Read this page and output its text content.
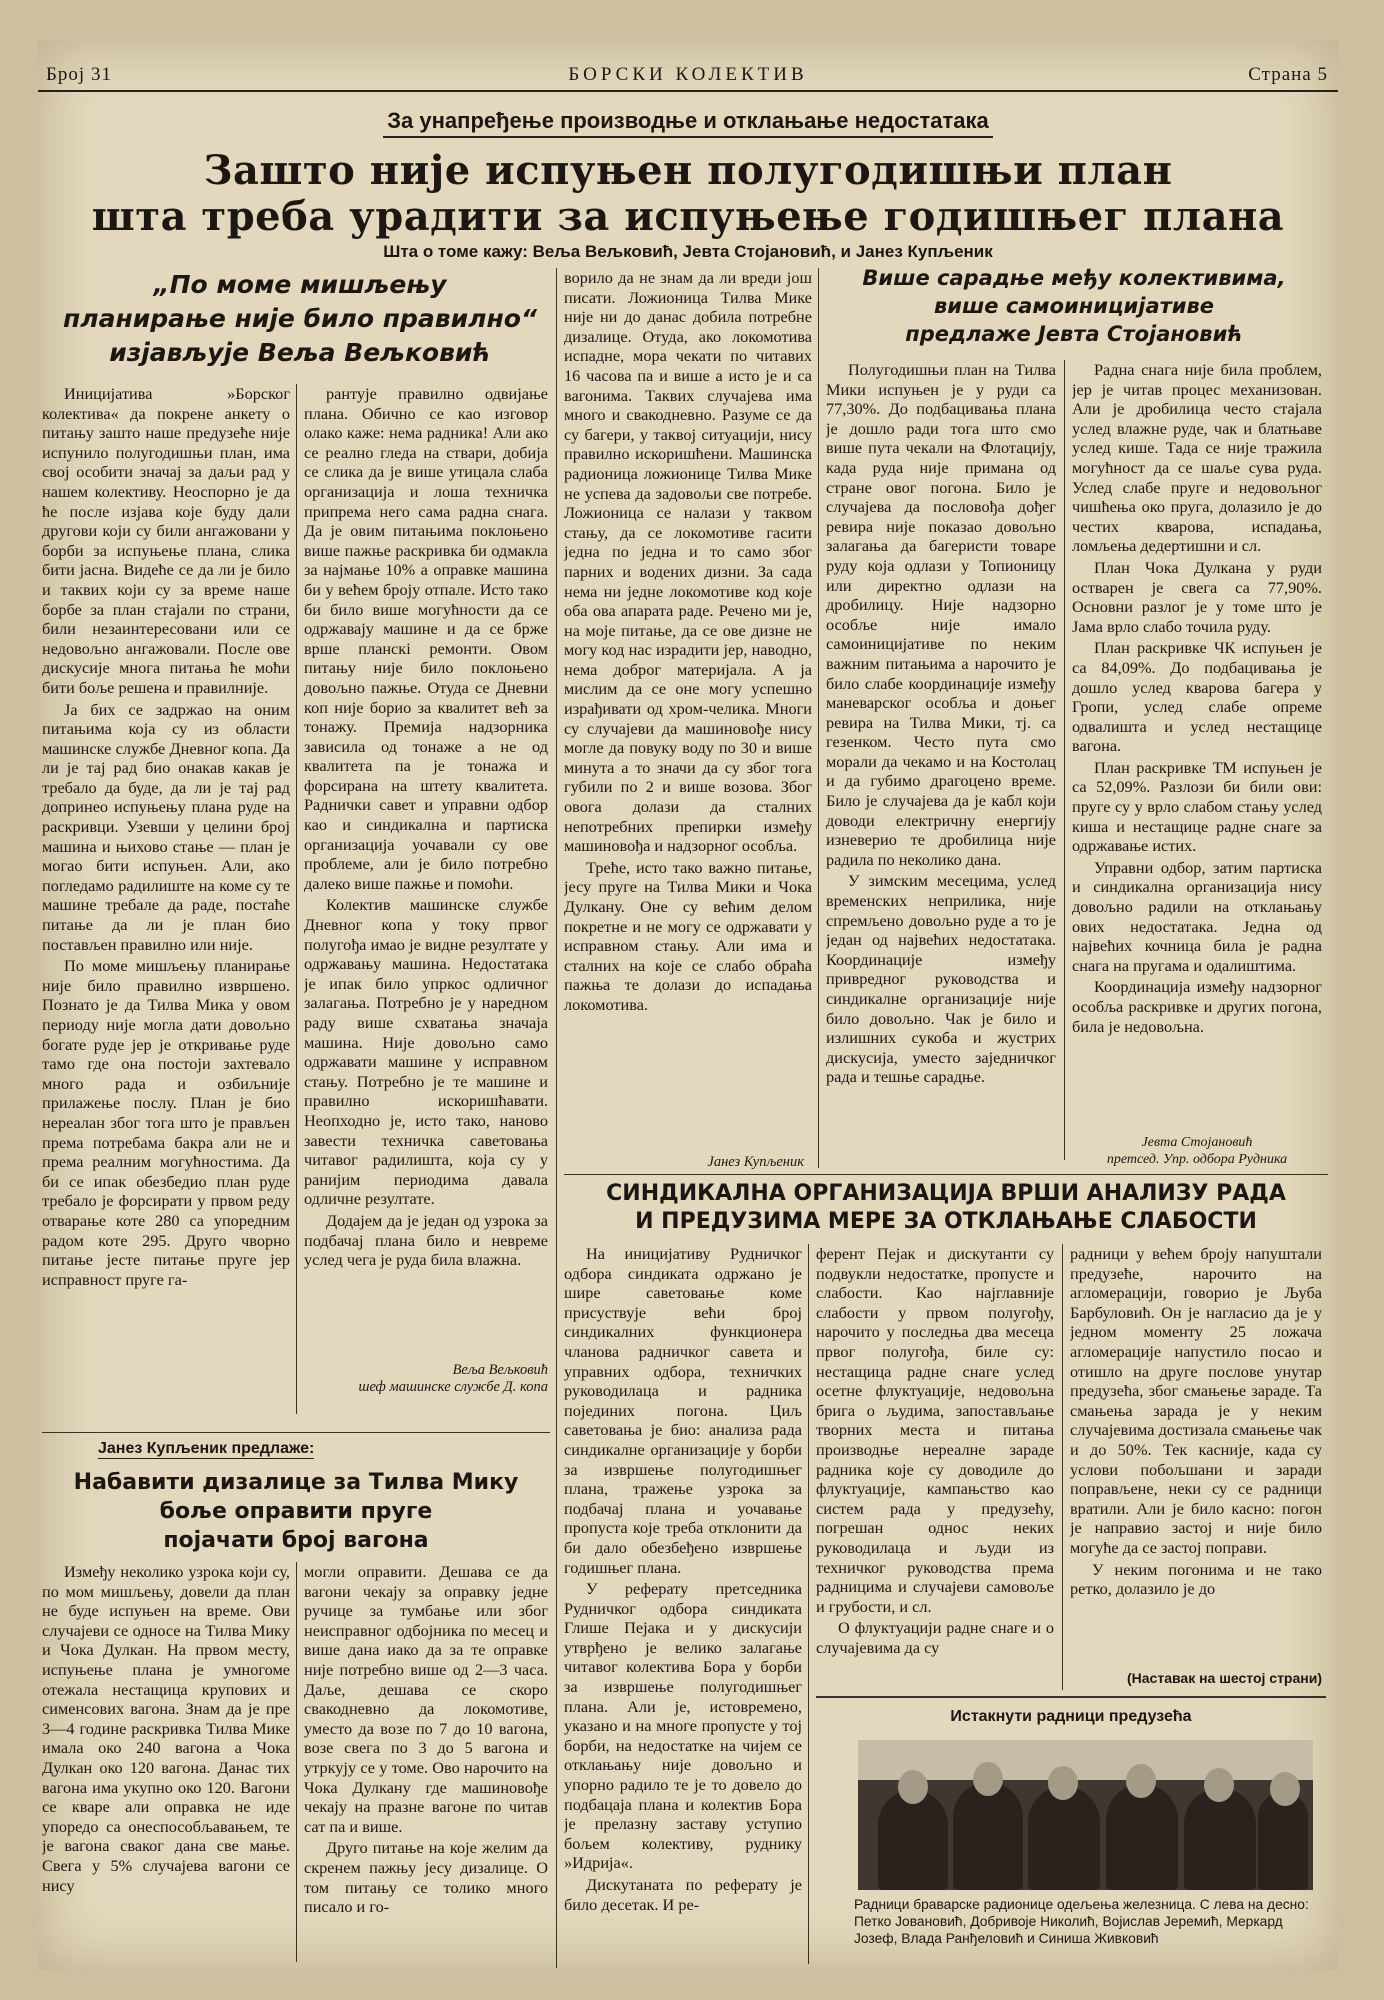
Број 31	БОРСКИ КОЛЕКТИВ	Страна 5
За унапређење производње и отклањање недостатака
Зашто није испуњен полугодишњи план
шта треба урадити за испуњење годишњег плана
Шта о томе кажу: Веља Вељковић, Јевта Стојановић, и Јанез Купљеник
„По моме мишљењу
планирање није било правилно“
изјављује Веља Вељковић

Иницијатива »Борског колектива« да покрене анкету о питању зашто наше предузеће није испунило полугодишњи план, има свој особити значај за даљи рад у нашем колективу. Неоспорно је да ће после изјава које буду дали другови који су били ангажовани у борби за испуњење плана, слика бити јасна. Видеће се да ли је било и таквих који су за време наше борбе за план стајали по страни, били незаинтересовани или се недовољно ангажовали. После ове дискусије многа питања ће моћи бити боље решена и правилније.

Ја бих се задржао на оним питањима која су из области машинске службе Дневног копа. Да ли је тај рад био онакав какав је требало да буде, да ли је тај рад допринео испуњењу плана руде на раскривци. Узевши у целини број машина и њихово стање — план је могао бити испуњен. Али, ако погледамо радилиште на коме су те машине требале да раде, постаће питање да ли је план био постављен правилно или није.

По моме мишљењу планирање није било правилно извршено. Познато је да Тилва Мика у овом периоду није могла дати довољно богате руде јер је откривање руде тамо где она постоји захтевало много рада и озбиљније прилажење послу. План је био нереалан због тога што је прављен према потребама бакра али не и према реалним могућностима. Да би се ипак обезбедио план руде требало је форсирати у првом реду отварање коте 280 са упоредним радом коте 295. Друго чворно питање јесте питање пруге јер исправност пруге га-

рантује правилно одвијање плана. Обично се као изговор олако каже: нема радника! Али ако се реално гледа на ствари, добија се слика да је више утицала слаба организација и лошa техничка припрема него сама радна снага. Да је овим питањима поклоњено више пажње раскривка би одмакла за најмање 10% а оправке машина би у већем броју отпале. Исто тако би било више могућности да се одржавају машине и да се брже врше планскi ремонти. Овом питању није било поклоњено довољно пажње. Отуда се Дневни коп није борио за квалитет већ за тонажу. Премија надзорника зависила од тонаже а не од квалитета па је тонажа и форсирана на штету квалитета. Раднички савет и управни одбор као и синдикална и партиска организација уочавали су ове проблеме, али је било потребно далеко више пажње и помоћи.

Колектив машинске службе Дневног копа у току првог полугођа имао је видне резултате у одржавању машина. Недостатака је ипак било упркос одличног залагања. Потребно је у наредном раду више схватања значаја машина. Није довољно само одржавати машине у исправном стању. Потребно је те машине и правилно искоришћавати. Неопходно је, исто тако, наново завести техничка саветовања читавог радилишта, која су у ранијим периодима давала одличне резултате.

Додајем да је један од узрока за подбачај плана било и невреме услед чега је руда била влажна.

Веља Вељковић
шеф машинске службе Д. копа

ворило да не знам да ли вреди још писати. Ложионица Тилва Мике није ни до данас добила потребне дизалице. Отуда, ако локомотива испадне, мора чекати по читавих 16 часова па и више а исто је и са вагонима. Таквих случајева има много и свакодневно. Разуме се да су багери, у таквој ситуацији, нису правилно искоришћени. Машинска радионица ложионице Тилва Мике не успева да задовољи све потребе. Ложионица се налази у таквом стању, да се локомотиве гасити једна по једна и то само због парних и водених дизни. За сада нема ни једне локомотиве код које оба ова апарата раде. Речено ми је, на моје питање, да се ове дизне не могу код нас израдити јер, наводно, нема доброг материјала. А ја мислим да се оне могу успешно израђивати од хром-челика. Многи су случајеви да машиновође нису могле да повуку воду по 30 и више минута а то значи да су због тога губили по 2 и више возова. Због овога долази да сталних непотребних препирки између машиновођа и надзорног особља.

Треће, исто тако важно питање, јесу пруге на Тилва Мики и Чока Дулкану. Оне су већим делом покретне и не могу се одржавати у исправном стању. Али има и сталних на које се слабо обраћа пажња те долази до испадања локомотива.

Јанез Купљеник
Више сарадње међу колективима,
више самоиницијативе
предлаже Јевта Стојановић

Полугодишњи план на Тилва Мики испуњен је у руди са 77,30%. До подбацивања плана је дошло ради тога што смо више пута чекали на Флотацију, када руда није примана од стране овог погона. Било је случајева да пословођа дођег ревира није показао довољно залагања да багеристи товаре руду која одлази у Топионицу или директно одлази на дробилицу. Није надзорно особље није имало самоиницијативе по неким важним питањима а нарочито је било слабе координације између маневарског особља и доњег ревира на Тилва Мики, тј. са гезенком. Често пута смо морали да чекамо и на Костолац и да губимо драгоцено време. Било је случајева да је кабл који доводи електричну енергију изневерио те дробилица није радила по неколико дана.

У зимским месецима, услед временских неприлика, није спремљено довољно руде а то је један од највећих недостатака. Координације између привредног руководства и синдикалне организације није било довољно. Чак је било и излишних сукоба и жустрих дискусија, уместо заједничког рада и тешње сарадње.

Радна снага није била проблем, јер је читав процес механизован. Али је дробилица често стајала услед влажне руде, чак и блатњаве услед кише. Тада се није тражила могућност да се шаље сува руда. Услед слабе пруге и недовољног чишћења око пруга, долазило је до честих кварова, испадања, ломљења дедертишни и сл.

План Чока Дулкана у руди остварен је свега са 77,90%. Основни разлог је у томе што је Јама врло слабо точила руду.

План раскривке ЧК испуњен је са 84,09%. До подбацивања је дошло услед кварова багера у Гропи, услед слабе опреме одвалишта и услед нестащице вагона.

План раскривке ТМ испуњен је са 52,09%. Разлози би били ови: пруге су у врло слабом стању услед киша и нестащице радне снаге за одржавање истих.

Управни одбор, затим партиска и синдикална организација нису довољно радили на отклањању ових недостатака. Једна од највећих кочница била је радна снага на пругама и одалиштима.

Координација између надзорног особља раскривке и других погона, била је недовољна.

Јевта Стојановић
претсед. Упр. одбора Рудника
СИНДИКАЛНА ОРГАНИЗАЦИЈА ВРШИ АНАЛИЗУ РАДА
И ПРЕДУЗИМА МЕРЕ ЗА ОТКЛАЊАЊЕ СЛАБОСТИ
Јанез Купљеник предлаже:
Набавити дизалице за Тилва Мику
боље оправити пруге
појачати број вагона

Између неколико узрока који су, по мом мишљењу, довели да план не буде испуњен на време. Ови случајеви се односе на Тилва Мику и Чока Дулкан. На првом месту, испуњење плана је умногоме отежала нестащица крупових и сименсових вагона. Знам да је пре 3—4 године раскривка Тилва Мике имала око 240 вагона а Чока Дулкан око 120 вагона. Данас тих вагона има укупно око 120. Вагони се кваре али оправка не иде упоредо са онеспособљавањем, те је вагона сваког дана све мање. Свега у 5% случајева вагони се нису

могли оправити. Дешава се да вагони чекају за оправку једне ручице за тумбање или због неисправног одбојника по месец и више дана иако да за те оправке није потребно више од 2—3 часа. Даље, дешава се скоро свакодневно да локомотиве, уместо да возе по 7 до 10 вагона, возе свега по 3 до 5 вагона и утркују се у томе. Ово нарочито на Чока Дулкану где машиновође чекају на празне вагоне по читав сат па и више.

Друго питање на које желим да скренем пажњу јесу дизалице. О том питању се толико много писало и го-

На иницијативу Рудничког одбора синдиката одржано је шире саветовање коме присуствује већи број синдикалних функционера чланова радничког савета и управних одбора, техничких руководилаца и радника појединих погона. Циљ саветовања је био: анализа рада синдикалне организације у борби за извршење полугодишњег плана, тражење узрока за подбачај плана и уочавање пропуста које треба отклонити да би дало обезбеђено извршење годишњег плана.

У реферату претседника Рудничког одбора синдиката Глише Пејака и у дискусији утврђено је велико залагање читавог колектива Бора у борби за извршење полугодишњег плана. Али је, истовремено, указано и на многе пропусте у тој борби, на недостатке на чијем се отклањању није довољно и упорно радило те је то довело до подбацаја плана и колектив Бора је прелазну заставу уступио бољем колективу, руднику »Идрија«.

Дискутаната по реферату је било десетак. И ре-

ферент Пејак и дискутанти су подвукли недостатке, пропусте и слабости. Као најглавније слабости у првом полугођу, нарочито у последња два месеца првог полугођа, биле су: нестащица радне снаге услед осетне флуктуације, недовољна брига о људима, запостављање творних места и питања производње нереалне зараде радника које су доводиле до флуктуације, кампањство као систем рада у предузећу, погрешан однос неких руководилаца и људи из техничког руководства према радницима и случајеви самовоље и грубости, и сл.

О флуктуацији радне снаге и о случајевима да су

радници у већем броју напуштали предузеће, нарочито на агломерацији, говорио је Љуба Барбуловић. Он је нагласио да је у једном моменту 25 ложача агломерације напустило посао и отишло на друге послове унутар предузећа, због смањење зараде. Та смањења зарада је у неким случајевима достизала смањење чак и до 50%. Тек касније, када су услови побољшани и заради поправљене, неки су се радници вратили. Али је било касно: погон је направио застој и није било могуће да се застој поправи.

У неким погонима и не тако ретко, долазило је до

(Наставак на шестој страни)
Истакнути радници предузећа
Радници браварске радионице одељења железница. С лева на десно: Петко Јовановић, Добривоје Николић, Војислав Јеремић, Меркард Јозеф, Влада Ранђеловић и Синиша Живковић
